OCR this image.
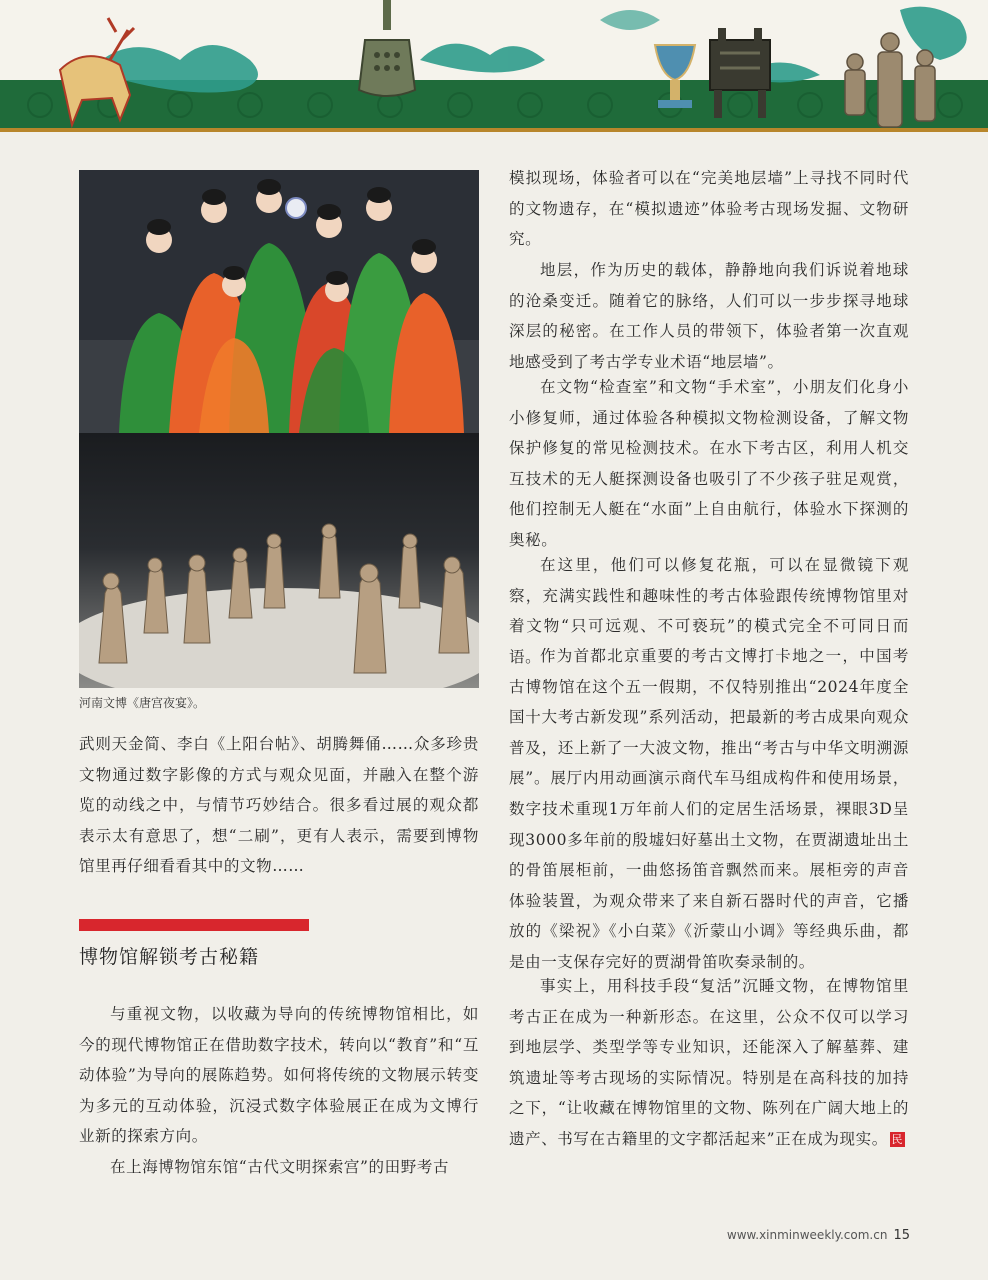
河南文博《唐宫夜宴》。

武则天金简、李白《上阳台帖》、胡腾舞俑……众多珍贵文物通过数字影像的方式与观众见面，并融入在整个游览的动线之中，与情节巧妙结合。很多看过展的观众都表示太有意思了，想“二刷”，更有人表示，需要到博物馆里再仔细看看其中的文物……

博物馆解锁考古秘籍

与重视文物，以收藏为导向的传统博物馆相比，如今的现代博物馆正在借助数字技术，转向以“教育”和“互动体验”为导向的展陈趋势。如何将传统的文物展示转变为多元的互动体验，沉浸式数字体验展正在成为文博行业新的探索方向。

在上海博物馆东馆“古代文明探索宫”的田野考古

模拟现场，体验者可以在“完美地层墙”上寻找不同时代的文物遗存，在“模拟遗迹”体验考古现场发掘、文物研究。

地层，作为历史的载体，静静地向我们诉说着地球的沧桑变迁。随着它的脉络，人们可以一步步探寻地球深层的秘密。在工作人员的带领下，体验者第一次直观地感受到了考古学专业术语“地层墙”。

在文物“检查室”和文物“手术室”，小朋友们化身小小修复师，通过体验各种模拟文物检测设备，了解文物保护修复的常见检测技术。在水下考古区，利用人机交互技术的无人艇探测设备也吸引了不少孩子驻足观赏，他们控制无人艇在“水面”上自由航行，体验水下探测的奥秘。

在这里，他们可以修复花瓶，可以在显微镜下观察，充满实践性和趣味性的考古体验跟传统博物馆里对着文物“只可远观、不可亵玩”的模式完全不可同日而语。

作为首都北京重要的考古文博打卡地之一，中国考古博物馆在这个五一假期，不仅特别推出“2024年度全国十大考古新发现”系列活动，把最新的考古成果向观众普及，还上新了一大波文物，推出“考古与中华文明溯源展”。展厅内用动画演示商代车马组成构件和使用场景，数字技术重现1万年前人们的定居生活场景，裸眼3D呈现3000多年前的殷墟妇好墓出土文物，在贾湖遗址出土的骨笛展柜前，一曲悠扬笛音飘然而来。展柜旁的声音体验装置，为观众带来了来自新石器时代的声音，它播放的《梁祝》《小白菜》《沂蒙山小调》等经典乐曲，都是由一支保存完好的贾湖骨笛吹奏录制的。

事实上，用科技手段“复活”沉睡文物，在博物馆里考古正在成为一种新形态。在这里，公众不仅可以学习到地层学、类型学等专业知识，还能深入了解墓葬、建筑遗址等考古现场的实际情况。特别是在高科技的加持之下，“让收藏在博物馆里的文物、陈列在广阔大地上的遗产、书写在古籍里的文字都活起来”正在成为现实。 民

www.xinminweekly.com.cn 15
